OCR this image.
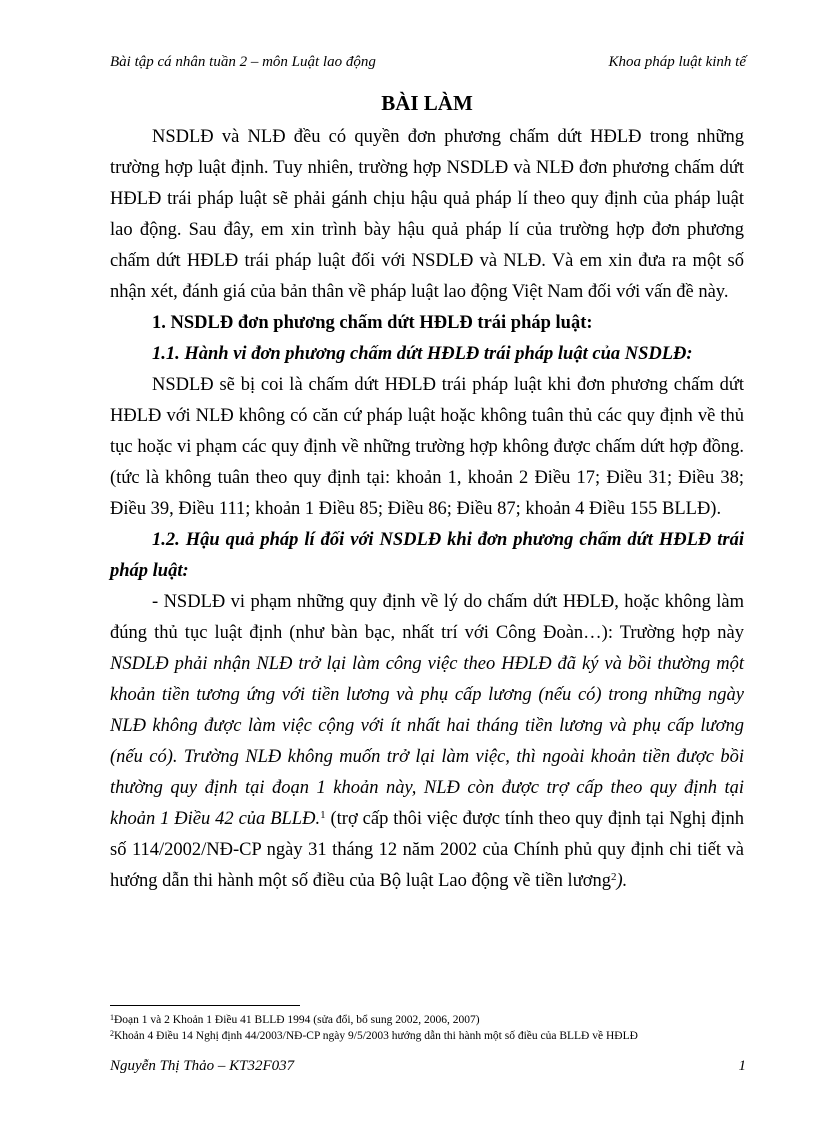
Bài tập cá nhân tuần 2 – môn Luật lao động	Khoa pháp luật kinh tế
BÀI LÀM

NSDLĐ và NLĐ đều có quyền đơn phương chấm dứt HĐLĐ trong những trường hợp luật định. Tuy nhiên, trường hợp NSDLĐ và NLĐ đơn phương chấm dứt HĐLĐ trái pháp luật sẽ phải gánh chịu hậu quả pháp lí theo quy định của pháp luật lao động. Sau đây, em xin trình bày hậu quả pháp lí của trường hợp đơn phương chấm dứt HĐLĐ trái pháp luật đối với NSDLĐ và NLĐ. Và em xin đưa ra một số nhận xét, đánh giá của bản thân về pháp luật lao động Việt Nam đối với vấn đề này.

1. NSDLĐ đơn phương chấm dứt HĐLĐ trái pháp luật:

1.1. Hành vi đơn phương chấm dứt HĐLĐ trái pháp luật của NSDLĐ:

NSDLĐ sẽ bị coi là chấm dứt HĐLĐ trái pháp luật khi đơn phương chấm dứt HĐLĐ với NLĐ không có căn cứ pháp luật hoặc không tuân thủ các quy định về thủ tục hoặc vi phạm các quy định về những trường hợp không được chấm dứt hợp đồng. (tức là không tuân theo quy định tại: khoản 1, khoản 2 Điều 17; Điều 31; Điều 38; Điều 39, Điều 111; khoản 1 Điều 85; Điều 86; Điều 87; khoản 4 Điều 155 BLLĐ).

1.2. Hậu quả pháp lí đối với NSDLĐ khi đơn phương chấm dứt HĐLĐ trái pháp luật:

- NSDLĐ vi phạm những quy định về lý do chấm dứt HĐLĐ, hoặc không làm đúng thủ tục luật định (như bàn bạc, nhất trí với Công Đoàn…): Trường hợp này NSDLĐ phải nhận NLĐ trở lại làm công việc theo HĐLĐ đã ký và bồi thường một khoản tiền tương ứng với tiền lương và phụ cấp lương (nếu có) trong những ngày NLĐ không được làm việc cộng với ít nhất hai tháng tiền lương và phụ cấp lương (nếu có). Trường NLĐ không muốn trở lại làm việc, thì ngoài khoản tiền được bồi thường quy định tại đoạn 1 khoản này, NLĐ còn được trợ cấp theo quy định tại khoản 1 Điều 42 của BLLĐ.$^1$ (trợ cấp thôi việc được tính theo quy định tại Nghị định số 114/2002/NĐ-CP ngày 31 tháng 12 năm 2002 của Chính phủ quy định chi tiết và hướng dẫn thi hành một số điều của Bộ luật Lao động về tiền lương$^2$).

$^1$Đoạn 1 và 2 Khoản 1 Điều 41 BLLĐ 1994 (sửa đổi, bổ sung 2002, 2006, 2007)
$^2$Khoản 4 Điều 14 Nghị định 44/2003/NĐ-CP ngày 9/5/2003 hướng dẫn thi hành một số điều của BLLĐ về HĐLĐ
Nguyễn Thị Thảo – KT32F037	1
